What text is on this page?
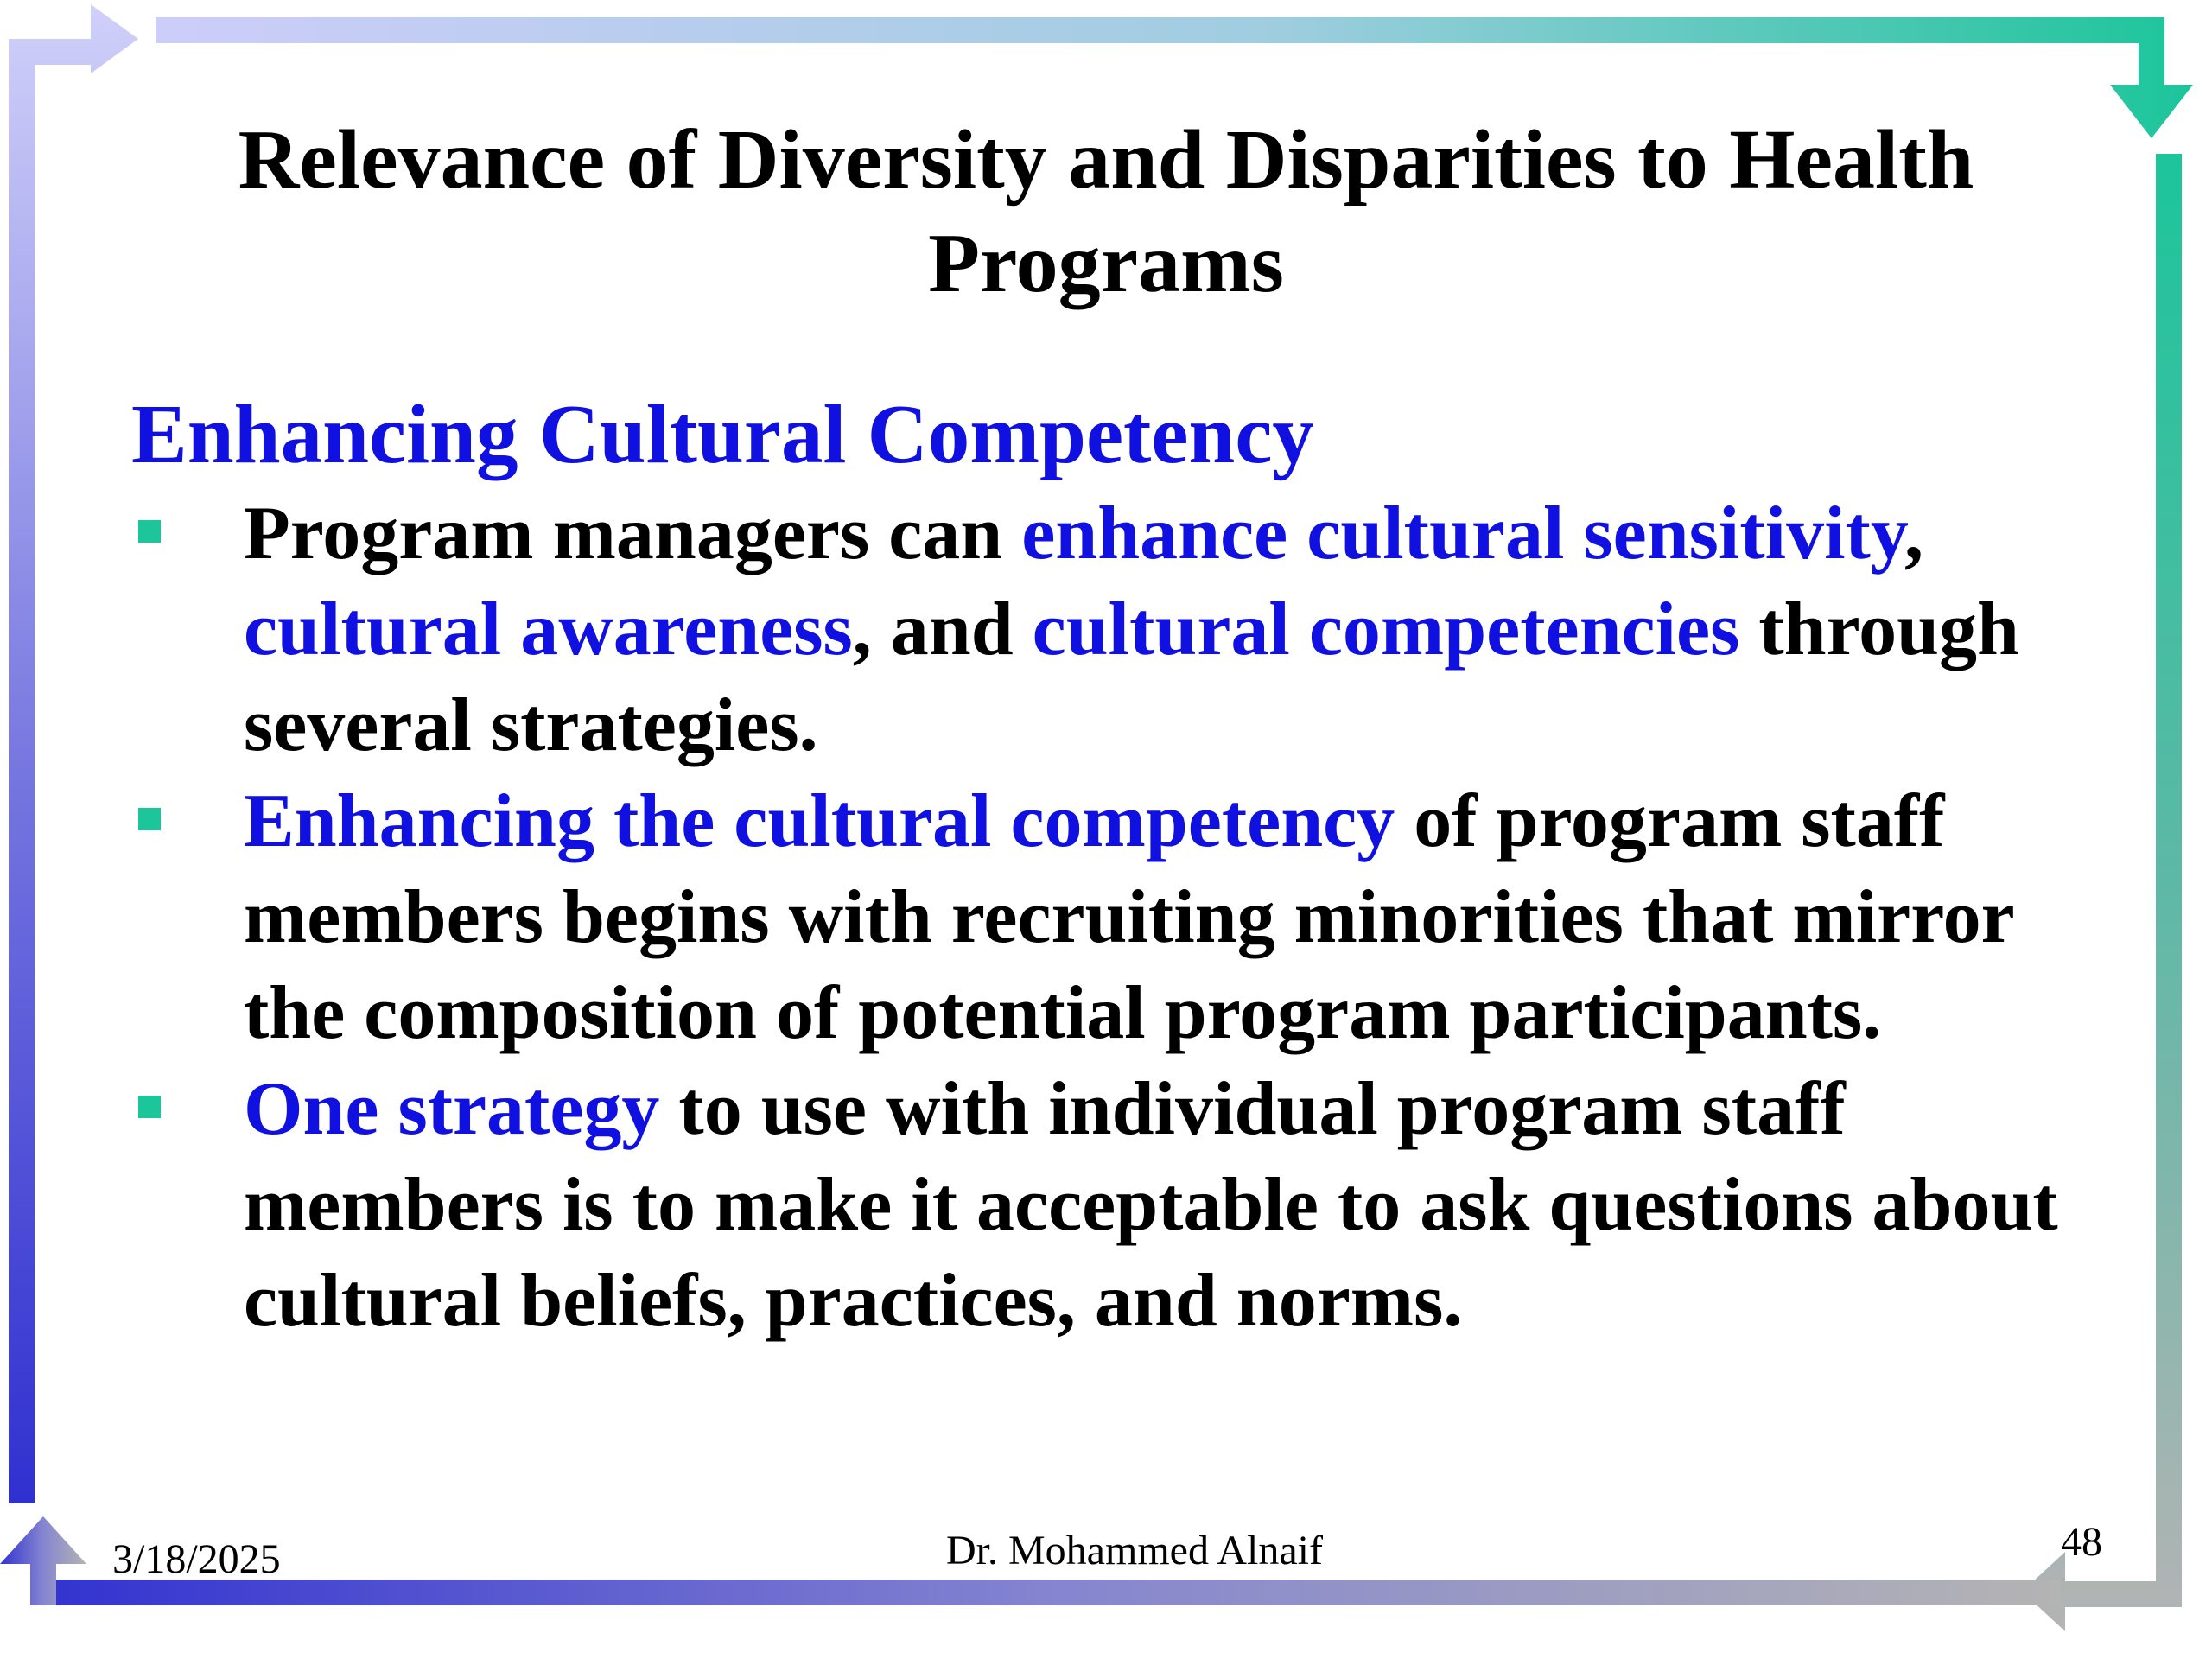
Relevance of Diversity and Disparities to Health Programs
Enhancing Cultural Competency
Program managers can enhance cultural sensitivity, cultural awareness, and cultural competencies through several strategies.
Enhancing the cultural competency of program staff members begins with recruiting minorities that mirror the composition of potential program participants.
One strategy to use with individual program staff members is to make it acceptable to ask questions about cultural beliefs, practices, and norms.
3/18/2025	Dr. Mohammed Alnaif	48
